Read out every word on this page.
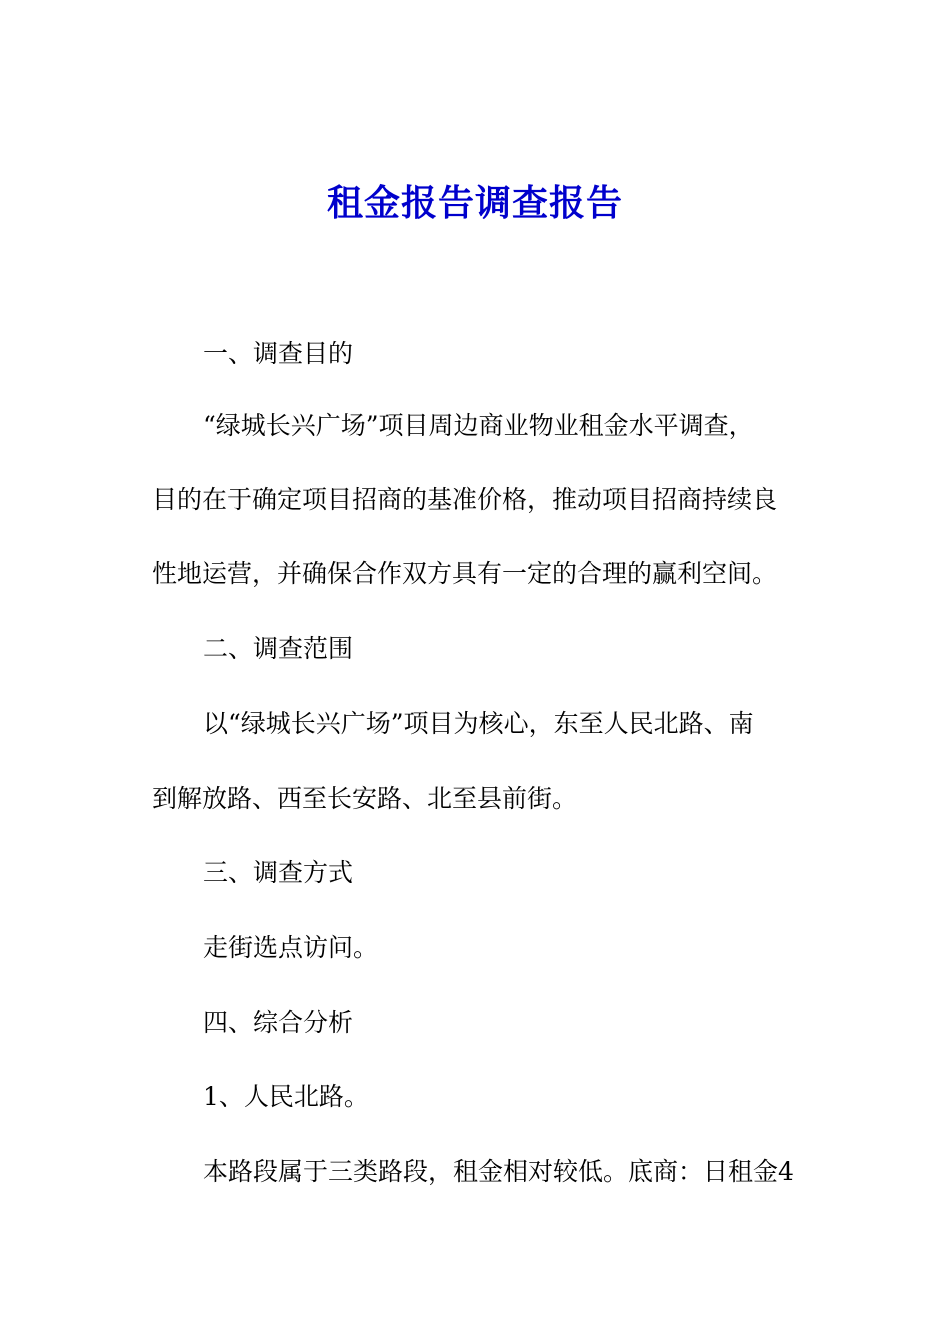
租金报告调查报告
一、调查目的
“绿城长兴广场”项目周边商业物业租金水平调查，
目的在于确定项目招商的基准价格，推动项目招商持续良
性地运营，并确保合作双方具有一定的合理的赢利空间。
二、调查范围
以“绿城长兴广场”项目为核心，东至人民北路、南
到解放路、西至长安路、北至县前街。
三、调查方式
走街选点访问。
四、综合分析
1、人民北路。
本路段属于三类路段，租金相对较低。底商：日租金4
